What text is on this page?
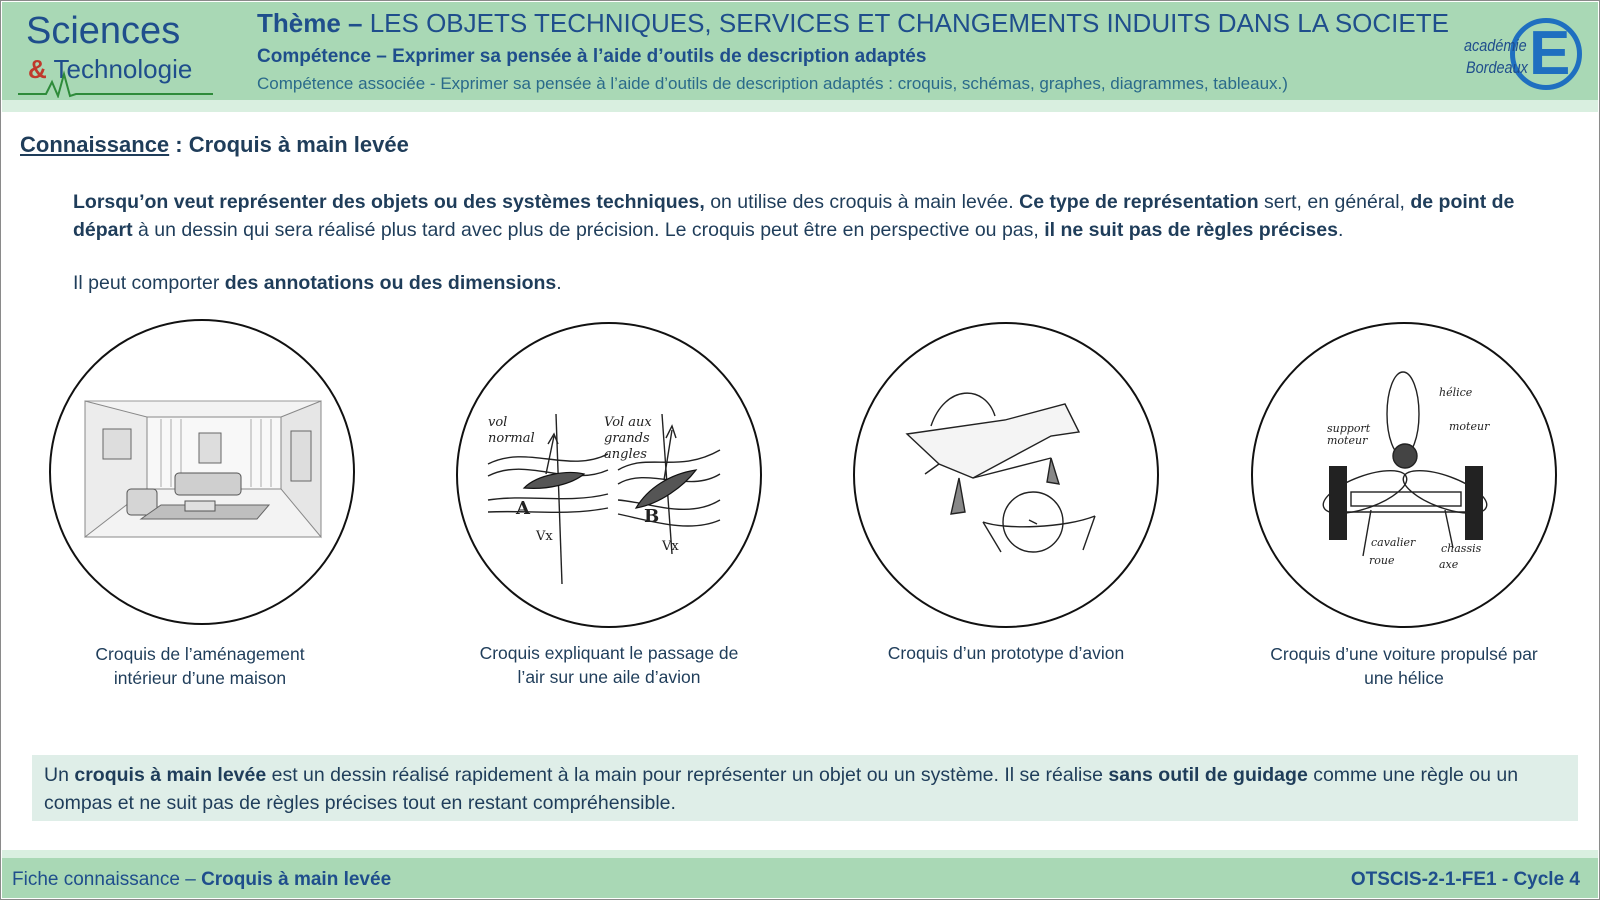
Sciences
& Technologie
Thème – LES OBJETS TECHNIQUES, SERVICES ET CHANGEMENTS INDUITS DANS LA SOCIETE
Compétence – Exprimer sa pensée à l’aide d’outils de description adaptés
Compétence associée - Exprimer sa pensée à l’aide d’outils de description adaptés : croquis, schémas, graphes, diagrammes, tableaux.)	E
académie
Bordeaux
Connaissance : Croquis à main levée
Lorsqu’on veut représenter des objets ou des systèmes techniques, on utilise des croquis à main levée. Ce type de représentation sert, en général, de point de départ à un dessin qui sera réalisé plus tard avec plus de précision. Le croquis peut être en perspective ou pas, il ne suit pas de règles précises.
Il peut comporter des annotations ou des dimensions.
Croquis de l’aménagement
intérieur d’une maison
vol
normal
Vol aux
grands
angles
A	B
Vx
Vx
Croquis expliquant le passage de
l’air sur une aile d’avion
Croquis d’un prototype d’avion
hélice
moteur
support
moteur
cavalier chassis
roue	axe
Croquis d’une voiture propulsé par
une hélice

Un croquis à main levée est un dessin réalisé rapidement à la main pour représenter un objet ou un système. Il se réalise sans outil de guidage comme une règle ou un compas et ne suit pas de règles précises tout en restant compréhensible.

Fiche connaissance – Croquis à main levée	OTSCIS-2-1-FE1 - Cycle 4
